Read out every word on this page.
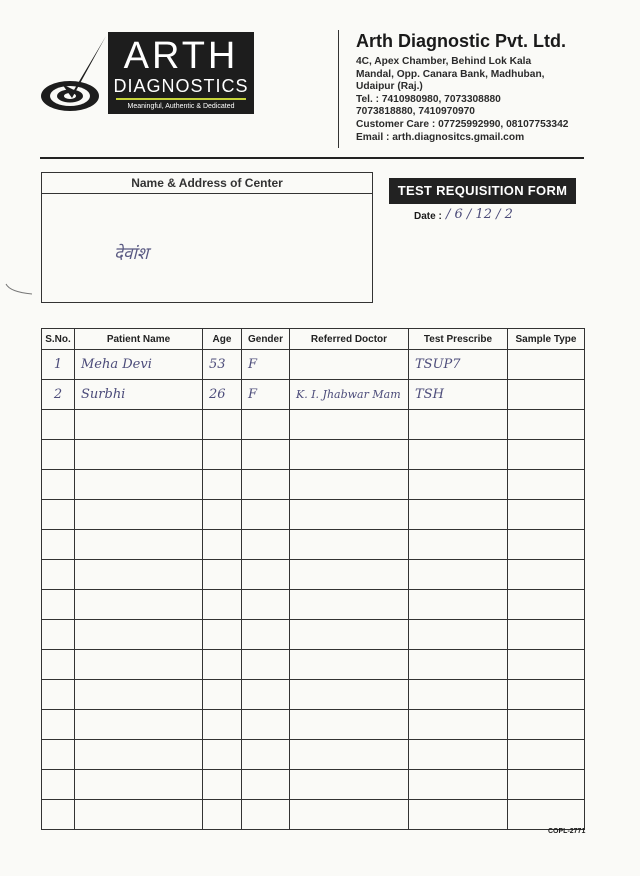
ARTH
DIAGNOSTICS
Meaningful, Authentic & Dedicated
Arth Diagnostic Pvt. Ltd.
4C, Apex Chamber, Behind Lok Kala
Mandal, Opp. Canara Bank, Madhuban,
Udaipur (Raj.)
Tel. : 7410980980, 7073308880
7073818880, 7410970970
Customer Care : 07725992990, 08107753342
Email : arth.diagnositcs.gmail.com
Name & Address of Center
देवांश
TEST REQUISITION FORM
Date : / 6 / 12 / 2
S.No.	Patient Name	Age	Gender	Referred Doctor	Test Prescribe	Sample Type
1	Meha Devi	53	F		TSUP7	
2	Surbhi	26	F	K. I. Jhabwar Mam	TSH	

COPL-2771
